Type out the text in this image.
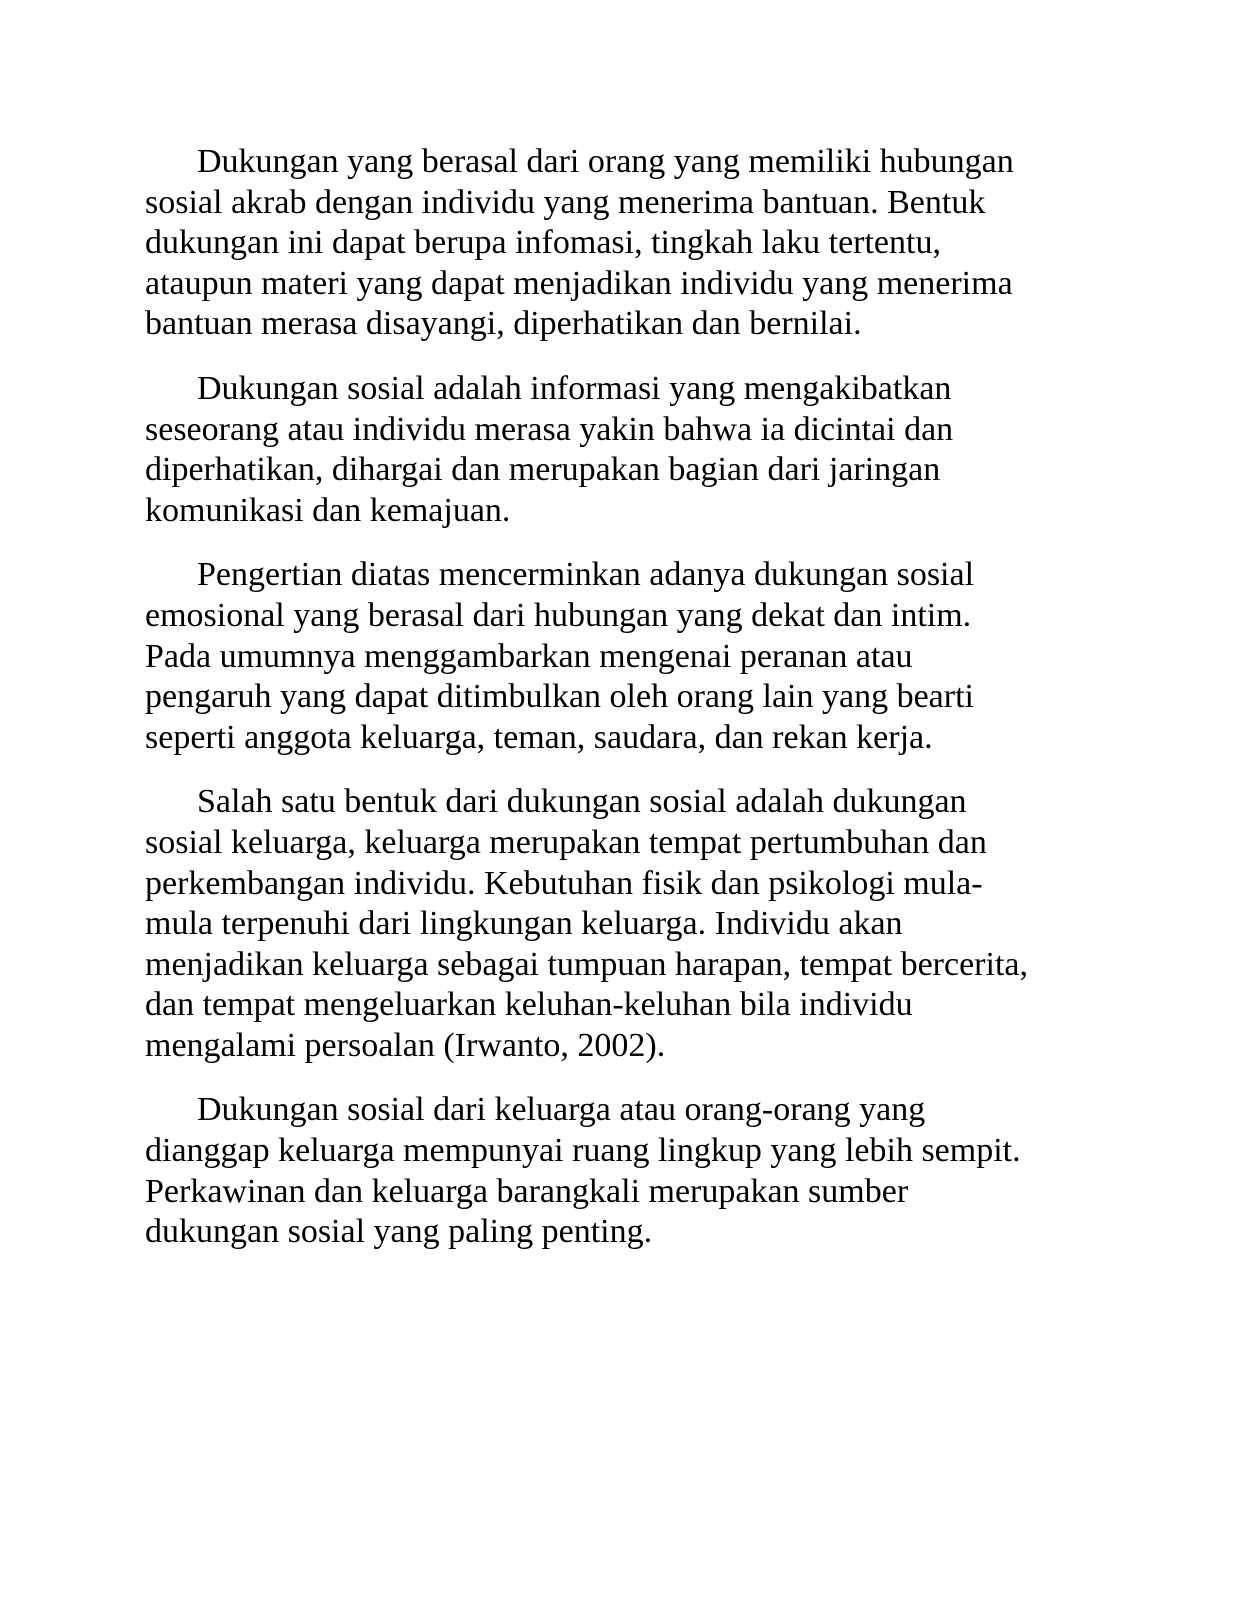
Dukungan yang berasal dari orang yang memiliki hubungan
sosial akrab dengan individu yang menerima bantuan. Bentuk
dukungan ini dapat berupa infomasi, tingkah laku tertentu,
ataupun materi yang dapat menjadikan individu yang menerima
bantuan merasa disayangi, diperhatikan dan bernilai.

Dukungan sosial adalah informasi yang mengakibatkan
seseorang atau individu merasa yakin bahwa ia dicintai dan
diperhatikan, dihargai dan merupakan bagian dari jaringan
komunikasi dan kemajuan.

Pengertian diatas mencerminkan adanya dukungan sosial
emosional yang berasal dari hubungan yang dekat dan intim.
Pada umumnya menggambarkan mengenai peranan atau
pengaruh yang dapat ditimbulkan oleh orang lain yang bearti
seperti anggota keluarga, teman, saudara, dan rekan kerja.

Salah satu bentuk dari dukungan sosial adalah dukungan
sosial keluarga, keluarga merupakan tempat pertumbuhan dan
perkembangan individu. Kebutuhan fisik dan psikologi mula-
mula terpenuhi dari lingkungan keluarga. Individu akan
menjadikan keluarga sebagai tumpuan harapan, tempat bercerita,
dan tempat mengeluarkan keluhan-keluhan bila individu
mengalami persoalan (Irwanto, 2002).

Dukungan sosial dari keluarga atau orang-orang yang
dianggap keluarga mempunyai ruang lingkup yang lebih sempit.
Perkawinan dan keluarga barangkali merupakan sumber
dukungan sosial yang paling penting.
